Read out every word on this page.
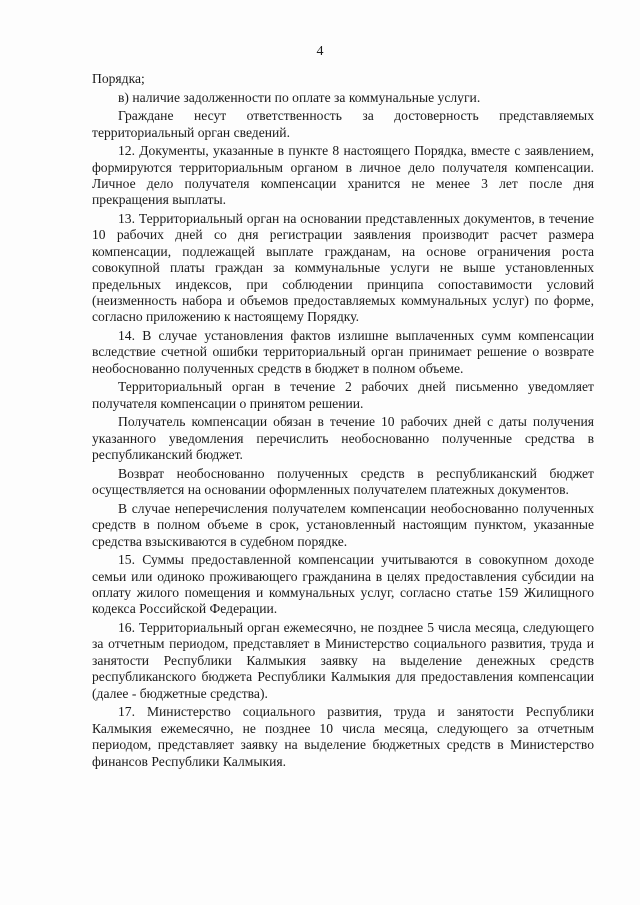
4

Порядка;

в) наличие задолженности по оплате за коммунальные услуги.

Граждане несут ответственность за достоверность представляемых территориальный орган сведений.

12. Документы, указанные в пункте 8 настоящего Порядка, вместе с заявлением, формируются территориальным органом в личное дело получателя компенсации. Личное дело получателя компенсации хранится не менее 3 лет после дня прекращения выплаты.

13. Территориальный орган на основании представленных документов, в течение 10 рабочих дней со дня регистрации заявления производит расчет размера компенсации, подлежащей выплате гражданам, на основе ограничения роста совокупной платы граждан за коммунальные услуги не выше установленных предельных индексов, при соблюдении принципа сопоставимости условий (неизменность набора и объемов предоставляемых коммунальных услуг) по форме, согласно приложению к настоящему Порядку.

14. В случае установления фактов излишне выплаченных сумм компенсации вследствие счетной ошибки территориальный орган принимает решение о возврате необоснованно полученных средств в бюджет в полном объеме.

Территориальный орган в течение 2 рабочих дней письменно уведомляет получателя компенсации о принятом решении.

Получатель компенсации обязан в течение 10 рабочих дней с даты получения указанного уведомления перечислить необоснованно полученные средства в республиканский бюджет.

Возврат необоснованно полученных средств в республиканский бюджет осуществляется на основании оформленных получателем платежных документов.

В случае неперечисления получателем компенсации необоснованно полученных средств в полном объеме в срок, установленный настоящим пунктом, указанные средства взыскиваются в судебном порядке.

15. Суммы предоставленной компенсации учитываются в совокупном доходе семьи или одиноко проживающего гражданина в целях предоставления субсидии на оплату жилого помещения и коммунальных услуг, согласно статье 159 Жилищного кодекса Российской Федерации.

16. Территориальный орган ежемесячно, не позднее 5 числа месяца, следующего за отчетным периодом, представляет в Министерство социального развития, труда и занятости Республики Калмыкия заявку на выделение денежных средств республиканского бюджета Республики Калмыкия для предоставления компенсации (далее - бюджетные средства).

17. Министерство социального развития, труда и занятости Республики Калмыкия ежемесячно, не позднее 10 числа месяца, следующего за отчетным периодом, представляет заявку на выделение бюджетных средств в Министерство финансов Республики Калмыкия.
